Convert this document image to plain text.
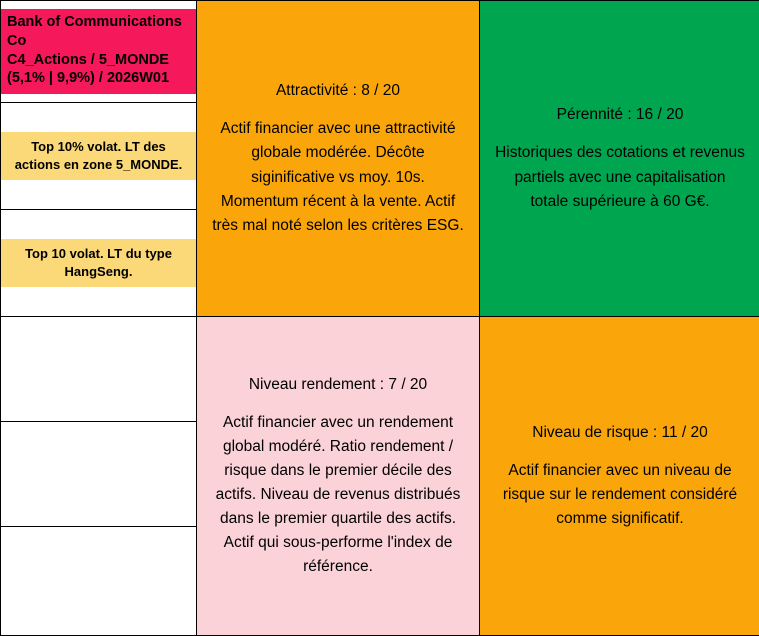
Bank of Communications Co
C4_Actions / 5_MONDE
(5,1% | 9,9%) / 2026W01

Attractivité : 8 / 20

Actif financier avec une attractivité globale modérée. Décôte siginificative vs moy. 10s. Momentum récent à la vente. Actif très mal noté selon les critères ESG.

Pérennité : 16 / 20

Historiques des cotations et revenus partiels avec une capitalisation totale supérieure à 60 G€.

Top 10% volat. LT des actions en zone 5_MONDE.		

Top 10 volat. LT du type HangSeng.		

Niveau rendement : 7 / 20

Actif financier avec un rendement global modéré. Ratio rendement / risque dans le premier décile des actifs. Niveau de revenus distribués dans le premier quartile des actifs. Actif qui sous-performe l'index de référence.

Niveau de risque : 11 / 20

Actif financier avec un niveau de risque sur le rendement considéré comme significatif.
